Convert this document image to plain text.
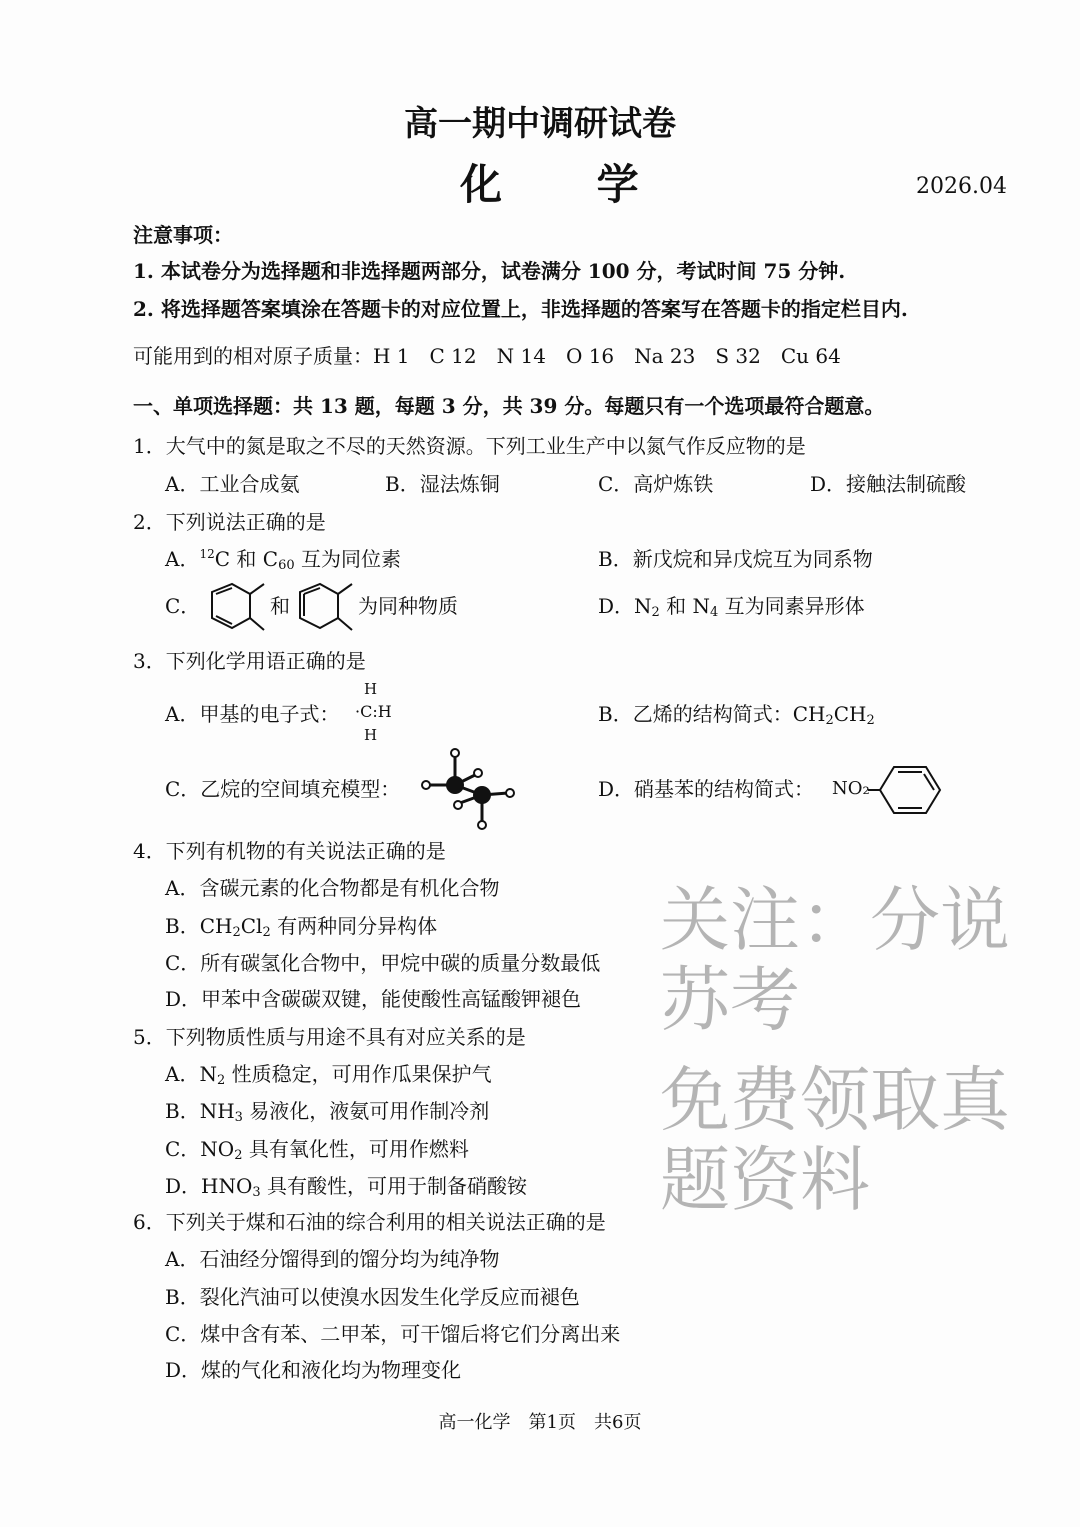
高一期中调研试卷
化 学	2026.04
注意事项：
1. 本试卷分为选择题和非选择题两部分，试卷满分 100 分，考试时间 75 分钟.
2. 将选择题答案填涂在答题卡的对应位置上，非选择题的答案写在答题卡的指定栏目内.
可能用到的相对原子质量：H 1　C 12　N 14　O 16　Na 23　S 32　Cu 64
一、单项选择题：共 13 题，每题 3 分，共 39 分。每题只有一个选项最符合题意。
1．大气中的氮是取之不尽的天然资源。下列工业生产中以氮气作反应物的是
A．工业合成氨	B．湿法炼铜	C．高炉炼铁	D．接触法制硫酸
2．下列说法正确的是
A．$^{12}$C 和 $C_{60}$ 互为同位素	B．新戊烷和异戊烷互为同系物
C．	D．$N_2$ 和 $N_4$ 互为同素异形体
3．下列化学用语正确的是
A．甲基的电子式：	B．乙烯的结构简式：$CH_2CH_2$
C．乙烷的空间填充模型：	D．硝基苯的结构简式：
4．下列有机物的有关说法正确的是
A．含碳元素的化合物都是有机化合物
B．$CH_2Cl_2$ 有两种同分异构体
C．所有碳氢化合物中，甲烷中碳的质量分数最低
D．甲苯中含碳碳双键，能使酸性高锰酸钾褪色
5．下列物质性质与用途不具有对应关系的是
A．$N_2$ 性质稳定，可用作瓜果保护气
B．$NH_3$ 易液化，液氨可用作制冷剂
C．$NO_2$ 具有氧化性，可用作燃料
D．$HNO_3$ 具有酸性，可用于制备硝酸铵
6．下列关于煤和石油的综合利用的相关说法正确的是
A．石油经分馏得到的馏分均为纯净物
B．裂化汽油可以使溴水因发生化学反应而褪色
C．煤中含有苯、二甲苯，可干馏后将它们分离出来
D．煤的气化和液化均为物理变化
和	为同种物质
H
·C:H
H
NO₂
高一化学　第1页　共6页
关注：分说苏考
免费领取真题资料
